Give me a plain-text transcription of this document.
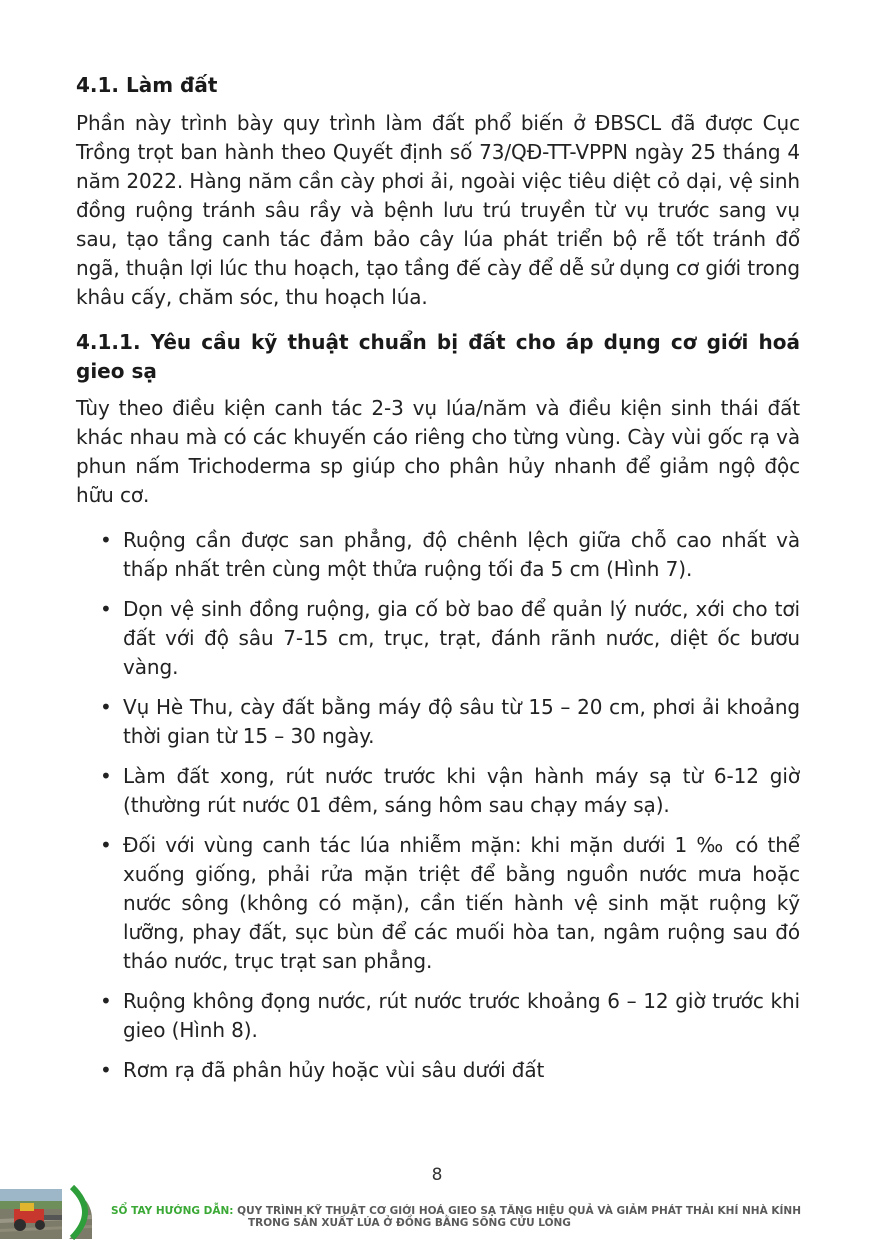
4.1. Làm đất

Phần này trình bày quy trình làm đất phổ biến ở ĐBSCL đã được Cục Trồng trọt ban hành theo Quyết định số 73/QĐ-TT-VPPN ngày 25 tháng 4 năm 2022. Hàng năm cần cày phơi ải, ngoài việc tiêu diệt cỏ dại, vệ sinh đồng ruộng tránh sâu rầy và bệnh lưu trú truyền từ vụ trước sang vụ sau, tạo tầng canh tác đảm bảo cây lúa phát triển bộ rễ tốt tránh đổ ngã, thuận lợi lúc thu hoạch, tạo tầng đế cày để dễ sử dụng cơ giới trong khâu cấy, chăm sóc, thu hoạch lúa.

4.1.1. Yêu cầu kỹ thuật chuẩn bị đất cho áp dụng cơ giới hoá gieo sạ

Tùy theo điều kiện canh tác 2-3 vụ lúa/năm và điều kiện sinh thái đất khác nhau mà có các khuyến cáo riêng cho từng vùng. Cày vùi gốc rạ và phun nấm Trichoderma sp giúp cho phân hủy nhanh để giảm ngộ độc hữu cơ.

• Ruộng cần được san phẳng, độ chênh lệch giữa chỗ cao nhất và thấp nhất trên cùng một thửa ruộng tối đa 5 cm (Hình 7).
• Dọn vệ sinh đồng ruộng, gia cố bờ bao để quản lý nước, xới cho tơi đất với độ sâu 7-15 cm, trục, trạt, đánh rãnh nước, diệt ốc bươu vàng.
• Vụ Hè Thu, cày đất bằng máy độ sâu từ 15 – 20 cm, phơi ải khoảng thời gian từ 15 – 30 ngày.
• Làm đất xong, rút nước trước khi vận hành máy sạ từ 6-12 giờ (thường rút nước 01 đêm, sáng hôm sau chạy máy sạ).
• Đối với vùng canh tác lúa nhiễm mặn: khi mặn dưới 1 ‰ có thể xuống giống, phải rửa mặn triệt để bằng nguồn nước mưa hoặc nước sông (không có mặn), cần tiến hành vệ sinh mặt ruộng kỹ lưỡng, phay đất, sục bùn để các muối hòa tan, ngâm ruộng sau đó tháo nước, trục trạt san phẳng.
• Ruộng không đọng nước, rút nước trước khoảng 6 – 12 giờ trước khi gieo (Hình 8).
• Rơm rạ đã phân hủy hoặc vùi sâu dưới đất
8
SỔ TAY HƯỚNG DẪN: QUY TRÌNH KỸ THUẬT CƠ GIỚI HOÁ GIEO SẠ TĂNG HIỆU QUẢ VÀ GIẢM PHÁT THẢI KHÍ NHÀ KÍNH
TRONG SẢN XUẤT LÚA Ở ĐỒNG BẰNG SÔNG CỬU LONG
